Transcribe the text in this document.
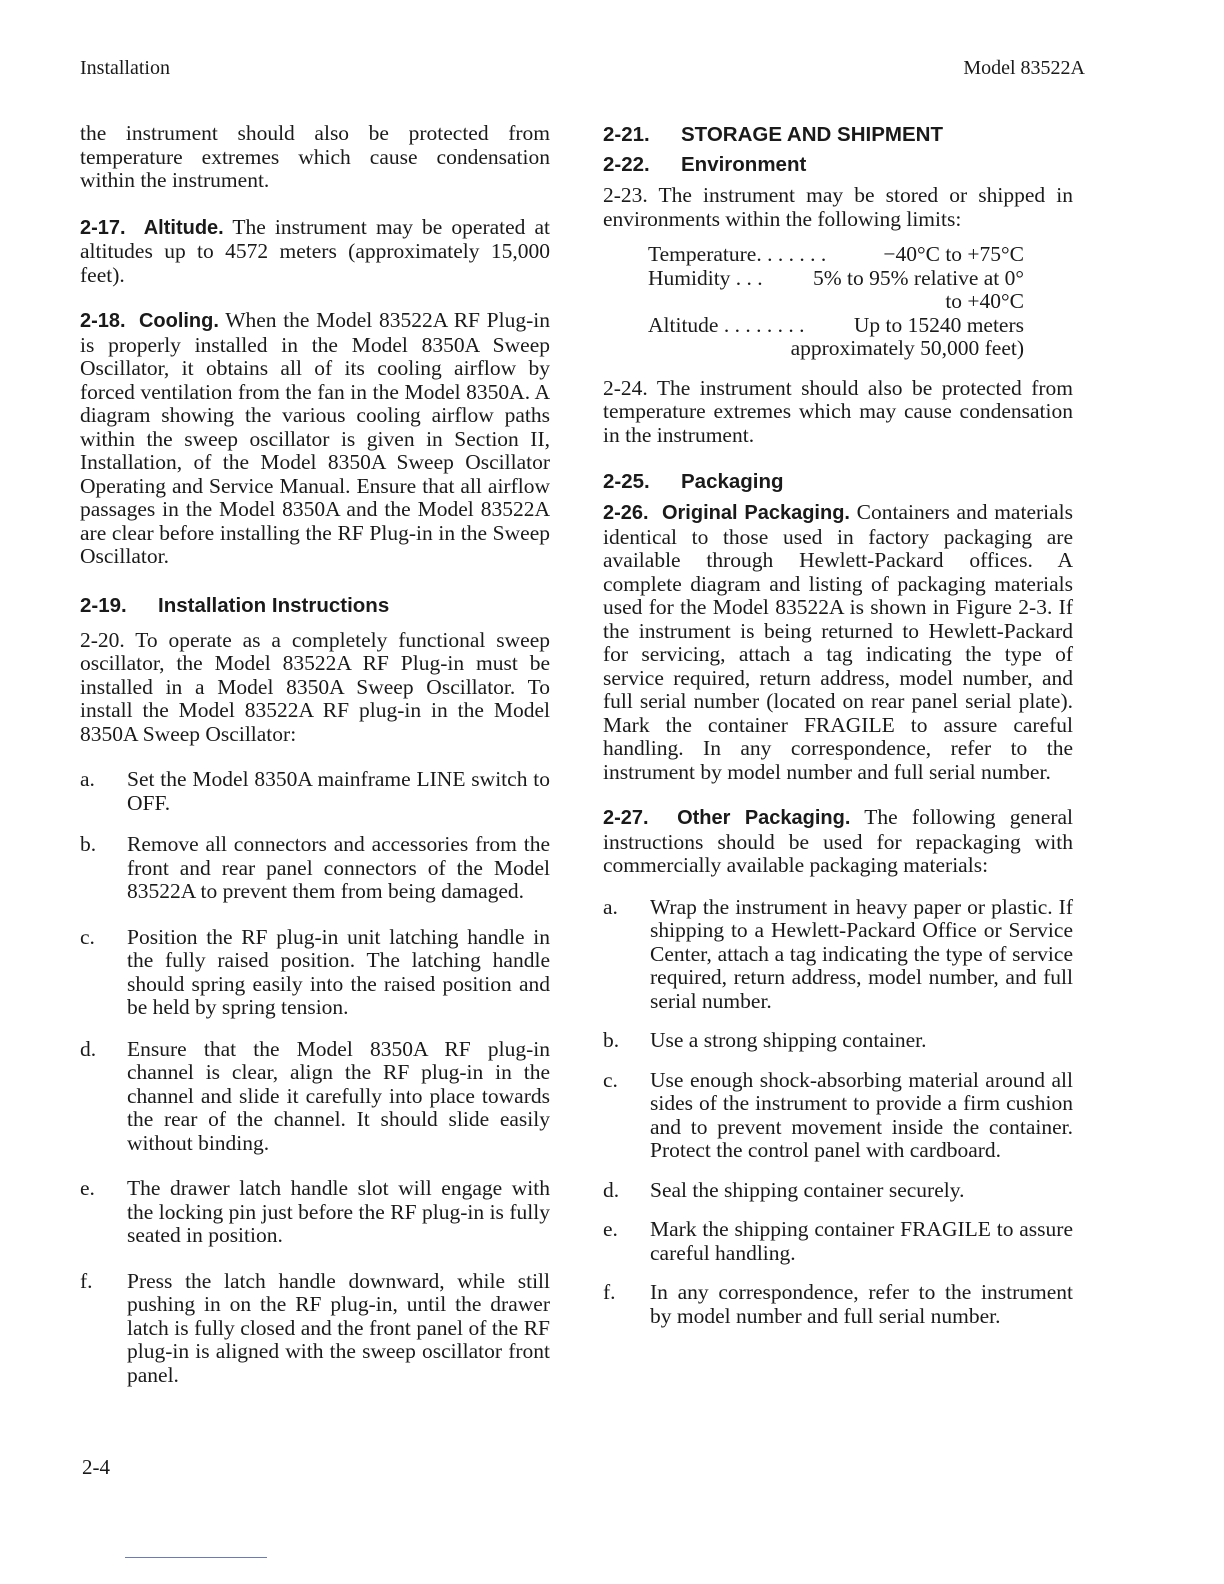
Installation	Model 83522A

the instrument should also be protected from temperature extremes which cause condensation within the instrument.

2-17. Altitude. The instrument may be operated at altitudes up to 4572 meters (approximately 15,000 feet).

2-18. Cooling. When the Model 83522A RF Plug-in is properly installed in the Model 8350A Sweep Oscillator, it obtains all of its cooling airflow by forced ventilation from the fan in the Model 8350A. A diagram showing the various cooling airflow paths within the sweep oscillator is given in Section II, Installation, of the Model 8350A Sweep Oscillator Operating and Service Manual. Ensure that all airflow passages in the Model 8350A and the Model 83522A are clear before installing the RF Plug-in in the Sweep Oscillator.

2-19. Installation Instructions

2-20. To operate as a completely functional sweep oscillator, the Model 83522A RF Plug-in must be installed in a Model 8350A Sweep Oscillator. To install the Model 83522A RF plug-in in the Model 8350A Sweep Oscillator:

a.	Set the Model 8350A mainframe LINE switch to OFF.
b.	Remove all connectors and accessories from the front and rear panel connectors of the Model 83522A to prevent them from being damaged.
c.	Position the RF plug-in unit latching handle in the fully raised position. The latching handle should spring easily into the raised position and be held by spring tension.
d.	Ensure that the Model 8350A RF plug-in channel is clear, align the RF plug-in in the channel and slide it carefully into place towards the rear of the channel. It should slide easily without binding.
e.	The drawer latch handle slot will engage with the locking pin just before the RF plug-in is fully seated in position.
f.	Press the latch handle downward, while still pushing in on the RF plug-in, until the drawer latch is fully closed and the front panel of the RF plug-in is aligned with the sweep oscillator front panel.
2-21. STORAGE AND SHIPMENT
2-22. Environment

2-23. The instrument may be stored or shipped in environments within the following limits:

Temperature. . . . . . .	−40°C to +75°C
Humidity . . . 5% to 95% relative at 0°
to +40°C
Altitude . . . . . . . . Up to 15240 meters
approximately 50,000 feet)

2-24. The instrument should also be protected from temperature extremes which may cause condensation in the instrument.

2-25. Packaging

2-26. Original Packaging. Containers and materials identical to those used in factory packaging are available through Hewlett-Packard offices. A complete diagram and listing of packaging materials used for the Model 83522A is shown in Figure 2-3. If the instrument is being returned to Hewlett-Packard for servicing, attach a tag indicating the type of service required, return address, model number, and full serial number (located on rear panel serial plate). Mark the container FRAGILE to assure careful handling. In any correspondence, refer to the instrument by model number and full serial number.

2-27. Other Packaging. The following general instructions should be used for repackaging with commercially available packaging materials:

a.	Wrap the instrument in heavy paper or plastic. If shipping to a Hewlett-Packard Office or Service Center, attach a tag indicating the type of service required, return address, model number, and full serial number.
b.	Use a strong shipping container.
c.	Use enough shock-absorbing material around all sides of the instrument to provide a firm cushion and to prevent movement inside the container. Protect the control panel with cardboard.
d.	Seal the shipping container securely.
e.	Mark the shipping container FRAGILE to assure careful handling.
f.	In any correspondence, refer to the instrument by model number and full serial number.
2-4
